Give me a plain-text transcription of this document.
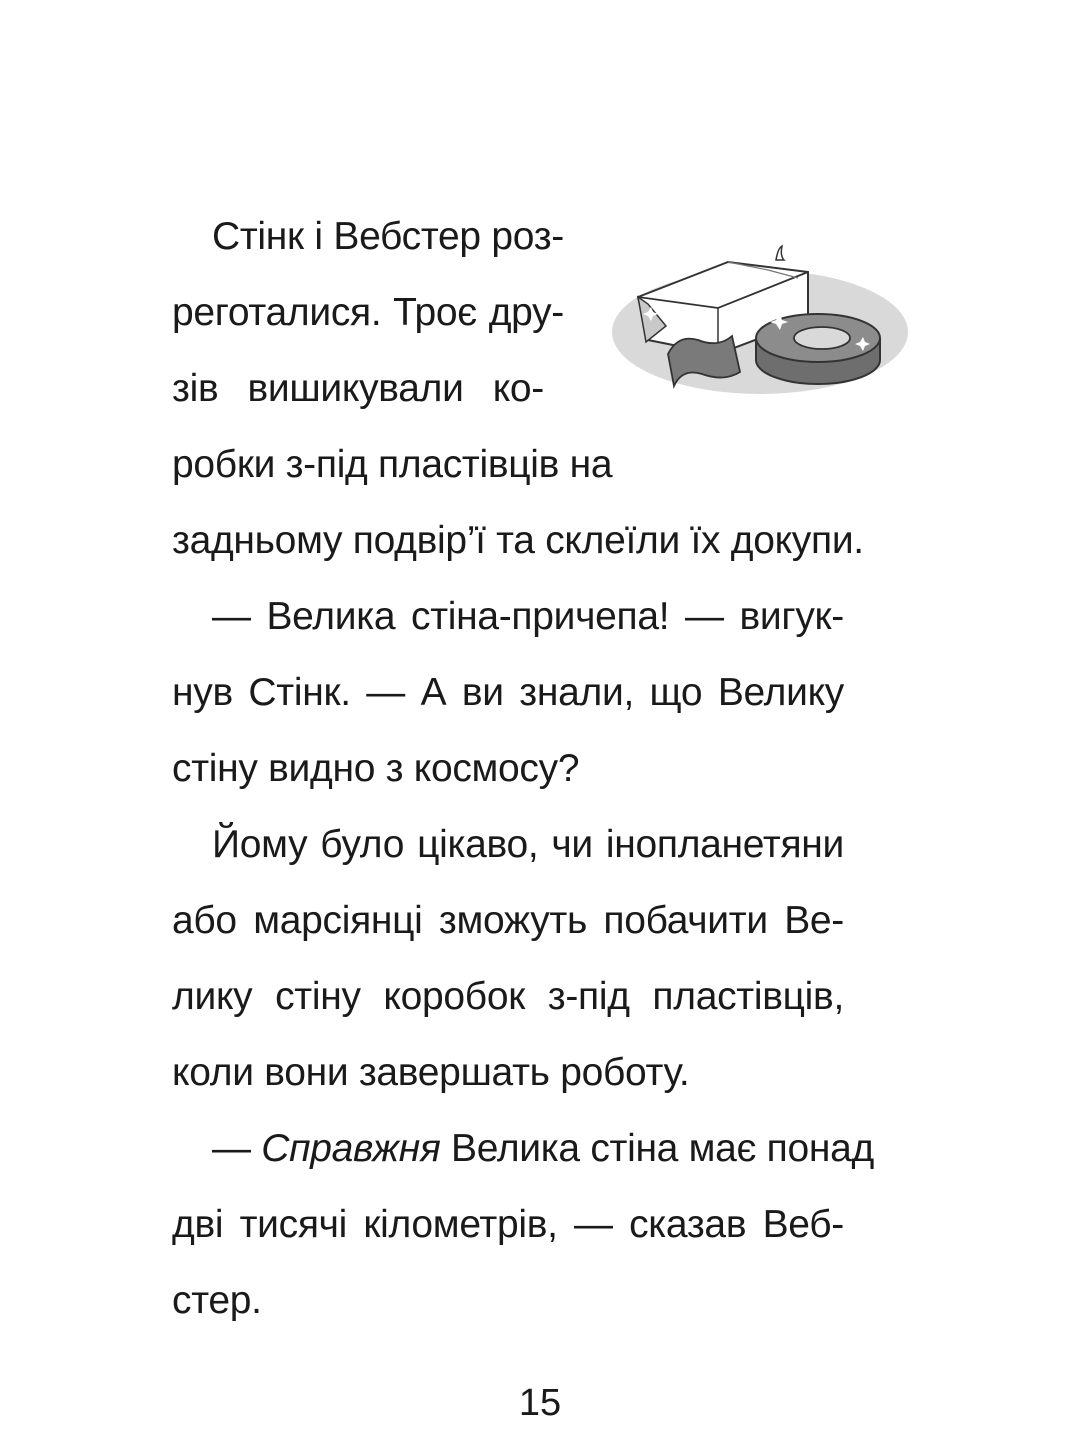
Стінк і Вебстер роз-
реготалися. Троє дру-
зів вишикували ко-
робки з-під пластівців на
задньому подвір’ї та склеїли їх докупи.
— Велика стіна-причепа! — вигук-
нув Стінк. — А ви знали, що Велику
стіну видно з космосу?
Йому було цікаво, чи інопланетяни
або марсіянці зможуть побачити Ве-
лику стіну коробок з-під пластівців,
коли вони завершать роботу.
— Справжня Велика стіна має понад
дві тисячі кілометрів, — сказав Веб-
стер.
15
